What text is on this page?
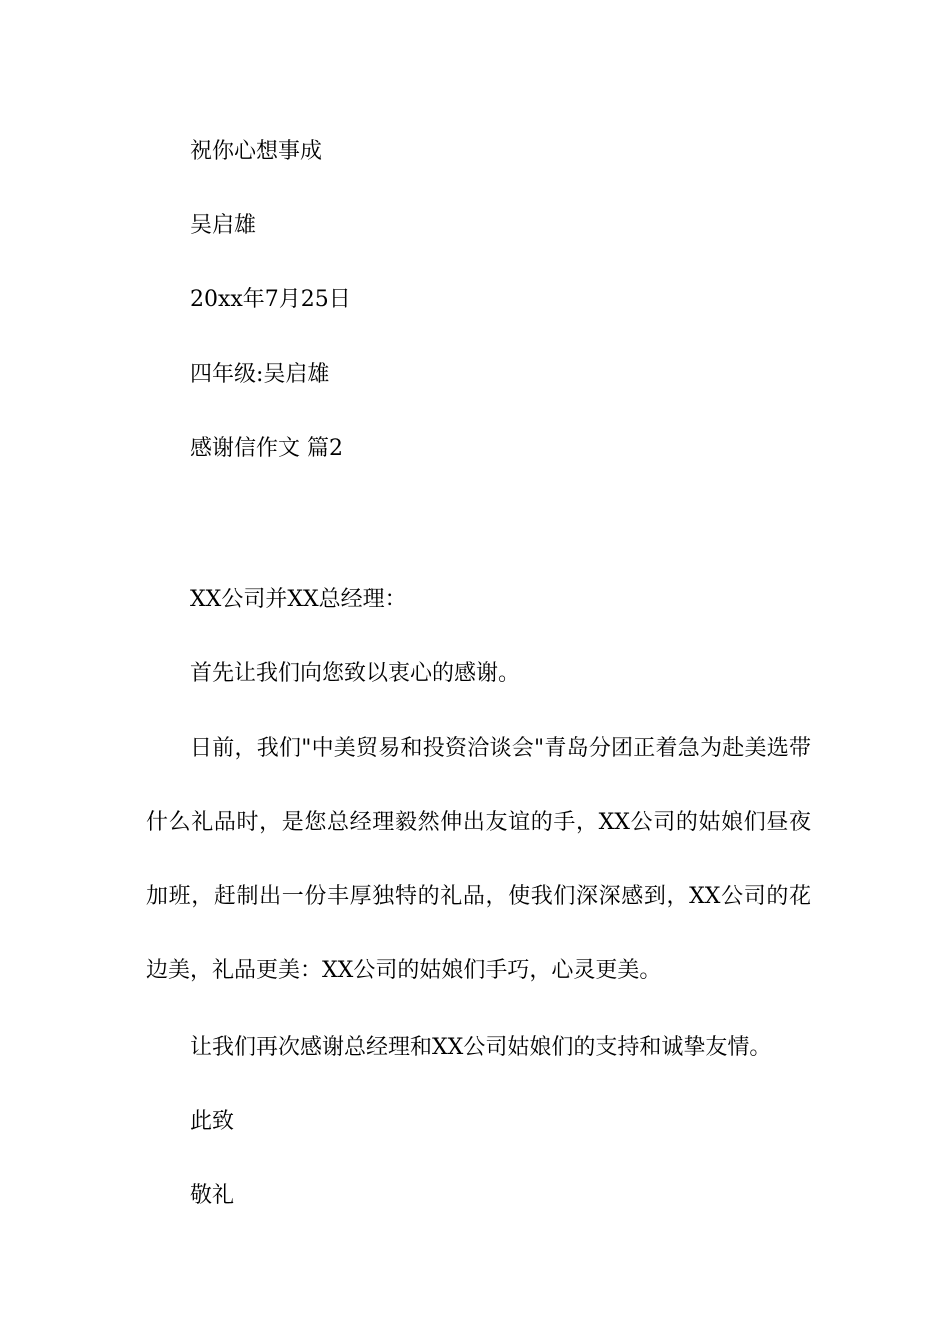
祝你心想事成
吴启雄
20xx年7月25日
四年级:吴启雄
感谢信作文 篇2
XX公司并XX总经理：
首先让我们向您致以衷心的感谢。
日前，我们"中美贸易和投资洽谈会"青岛分团正着急为赴美选带什么礼品时，是您总经理毅然伸出友谊的手，XX公司的姑娘们昼夜加班，赶制出一份丰厚独特的礼品，使我们深深感到，XX公司的花边美，礼品更美：XX公司的姑娘们手巧，心灵更美。
让我们再次感谢总经理和XX公司姑娘们的支持和诚挚友情。
此致
敬礼
